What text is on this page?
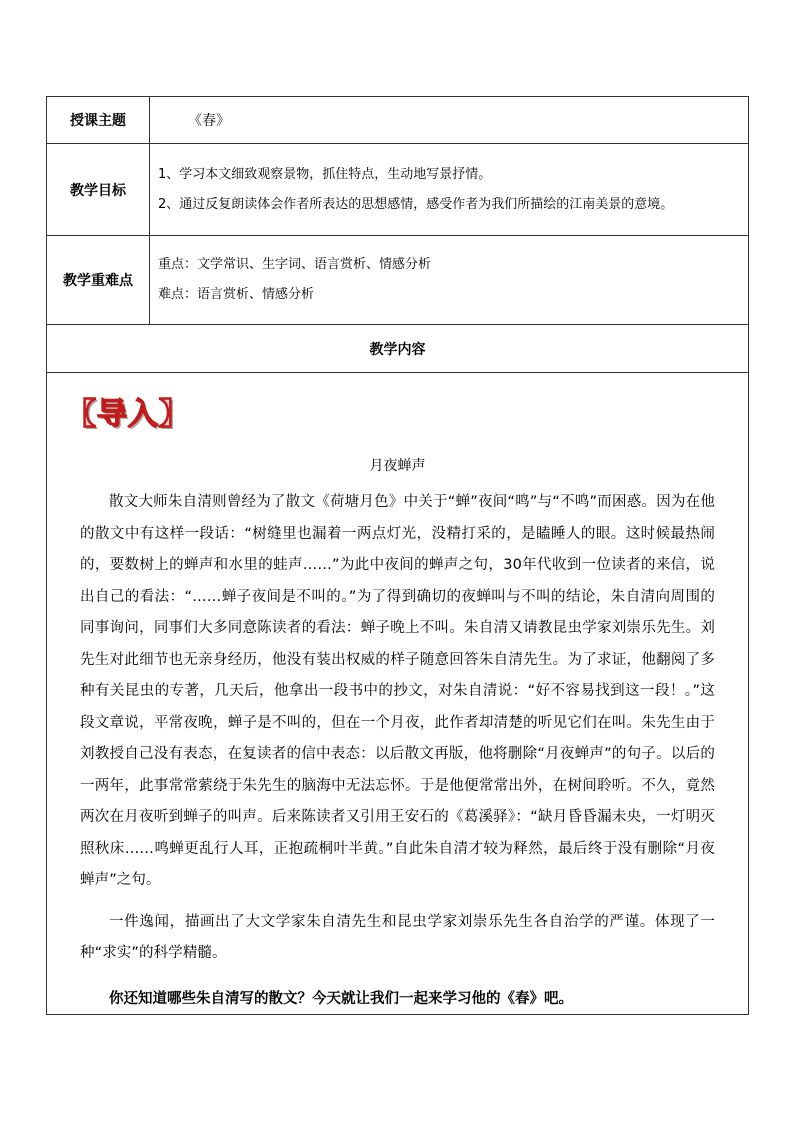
授课主题	《春》
教学目标	1、学习本文细致观察景物，抓住特点，生动地写景抒情。
2、通过反复朗读体会作者所表达的思想感情，感受作者为我们所描绘的江南美景的意境。

教学重难点	重点：文学常识、生字词、语言赏析、情感分析
难点：语言赏析、情感分析

教学内容	

【导入】
月夜蝉声

散文大师朱自清则曾经为了散文《荷塘月色》中关于“蝉”夜间“鸣”与“不鸣”而困惑。因为在他的散文中有这样一段话：“树缝里也漏着一两点灯光，没精打采的，是瞌睡人的眼。这时候最热闹的，要数树上的蝉声和水里的蛙声……”为此中夜间的蝉声之句，30年代收到一位读者的来信，说出自己的看法：“……蝉子夜间是不叫的。”为了得到确切的夜蝉叫与不叫的结论，朱自清向周围的同事询问，同事们大多同意陈读者的看法：蝉子晚上不叫。朱自清又请教昆虫学家刘崇乐先生。刘先生对此细节也无亲身经历，他没有装出权威的样子随意回答朱自清先生。为了求证，他翻阅了多种有关昆虫的专著，几天后，他拿出一段书中的抄文，对朱自清说：“好不容易找到这一段！。”这段文章说，平常夜晚，蝉子是不叫的，但在一个月夜，此作者却清楚的听见它们在叫。朱先生由于刘教授自己没有表态，在复读者的信中表态：以后散文再版，他将删除“月夜蝉声”的句子。以后的一两年，此事常常萦绕于朱先生的脑海中无法忘怀。于是他便常常出外，在树间聆听。不久，竟然两次在月夜听到蝉子的叫声。后来陈读者又引用王安石的《葛溪驿》：“缺月昏昏漏未央，一灯明灭照秋床……鸣蝉更乱行人耳，正抱疏桐叶半黄。”自此朱自清才较为释然，最后终于没有删除“月夜蝉声”之句。

一件逸闻，描画出了大文学家朱自清先生和昆虫学家刘崇乐先生各自治学的严谨。体现了一种“求实”的科学精髓。

你还知道哪些朱自清写的散文？今天就让我们一起来学习他的《春》吧。	
